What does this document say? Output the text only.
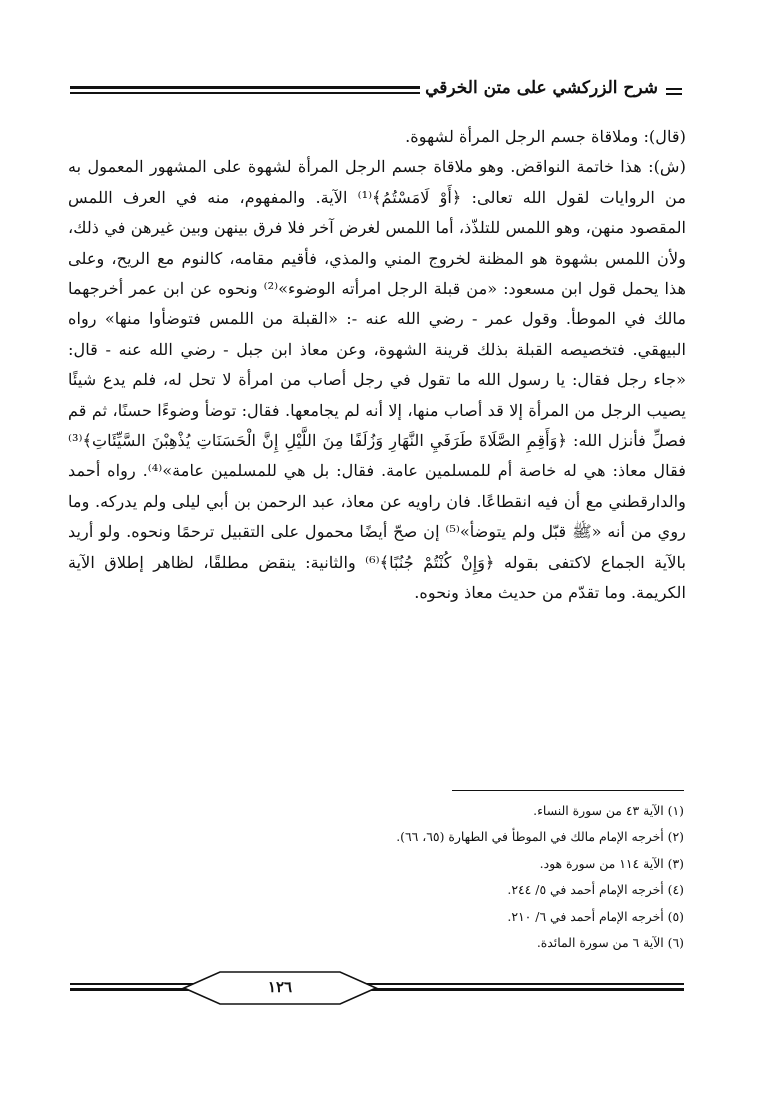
شرح الزركشي على متن الخرقي

(قال): وملاقاة جسم الرجل المرأة لشهوة.

(ش): هذا خاتمة النواقض. وهو ملاقاة جسم الرجل المرأة لشهوة على المشهور المعمول به من الروايات لقول الله تعالى: ﴿أَوْ لَامَسْتُمُ﴾⁽¹⁾ الآية. والمفهوم، منه في العرف اللمس المقصود منهن، وهو اللمس للتلذّذ، أما اللمس لغرض آخر فلا فرق بينهن وبين غيرهن في ذلك، ولأن اللمس بشهوة هو المظنة لخروج المني والمذي، فأقيم مقامه، كالنوم مع الريح، وعلى هذا يحمل قول ابن مسعود: «من قبلة الرجل امرأته الوضوء»⁽²⁾ ونحوه عن ابن عمر أخرجهما مالك في الموطأ. وقول عمر - رضي الله عنه -: «القبلة من اللمس فتوضأوا منها» رواه البيهقي. فتخصيصه القبلة بذلك قرينة الشهوة، وعن معاذ ابن جبل - رضي الله عنه - قال: «جاء رجل فقال: يا رسول الله ما تقول في رجل أصاب من امرأة لا تحل له، فلم يدع شيئًا يصيب الرجل من المرأة إلا قد أصاب منها، إلا أنه لم يجامعها. فقال: توضأ وضوءًا حسنًا، ثم قم فصلِّ فأنزل الله: ﴿وَأَقِمِ الصَّلَاةَ طَرَفَيِ النَّهَارِ وَزُلَفًا مِنَ اللَّيْلِ إِنَّ الْحَسَنَاتِ يُذْهِبْنَ السَّيِّئَاتِ﴾⁽³⁾ فقال معاذ: هي له خاصة أم للمسلمين عامة. فقال: بل هي للمسلمين عامة»⁽⁴⁾. رواه أحمد والدارقطني مع أن فيه انقطاعًا. فان راويه عن معاذ، عبد الرحمن بن أبي ليلى ولم يدركه. وما روي من أنه «ﷺ قبّل ولم يتوضأ»⁽⁵⁾ إن صحّ أيضًا محمول على التقبيل ترحمًا ونحوه. ولو أريد بالآية الجماع لاكتفى بقوله ﴿وَإِنْ كُنْتُمْ جُنُبًا﴾⁽⁶⁾ والثانية: ينقض مطلقًا، لظاهر إطلاق الآية الكريمة. وما تقدّم من حديث معاذ ونحوه.

(١) الآية ٤٣ من سورة النساء.
(٢) أخرجه الإمام مالك في الموطأ في الطهارة (٦٥، ٦٦).
(٣) الآية ١١٤ من سورة هود.
(٤) أخرجه الإمام أحمد في ٥/ ٢٤٤.
(٥) أخرجه الإمام أحمد في ٦/ ٢١٠.
(٦) الآية ٦ من سورة المائدة.
١٢٦
